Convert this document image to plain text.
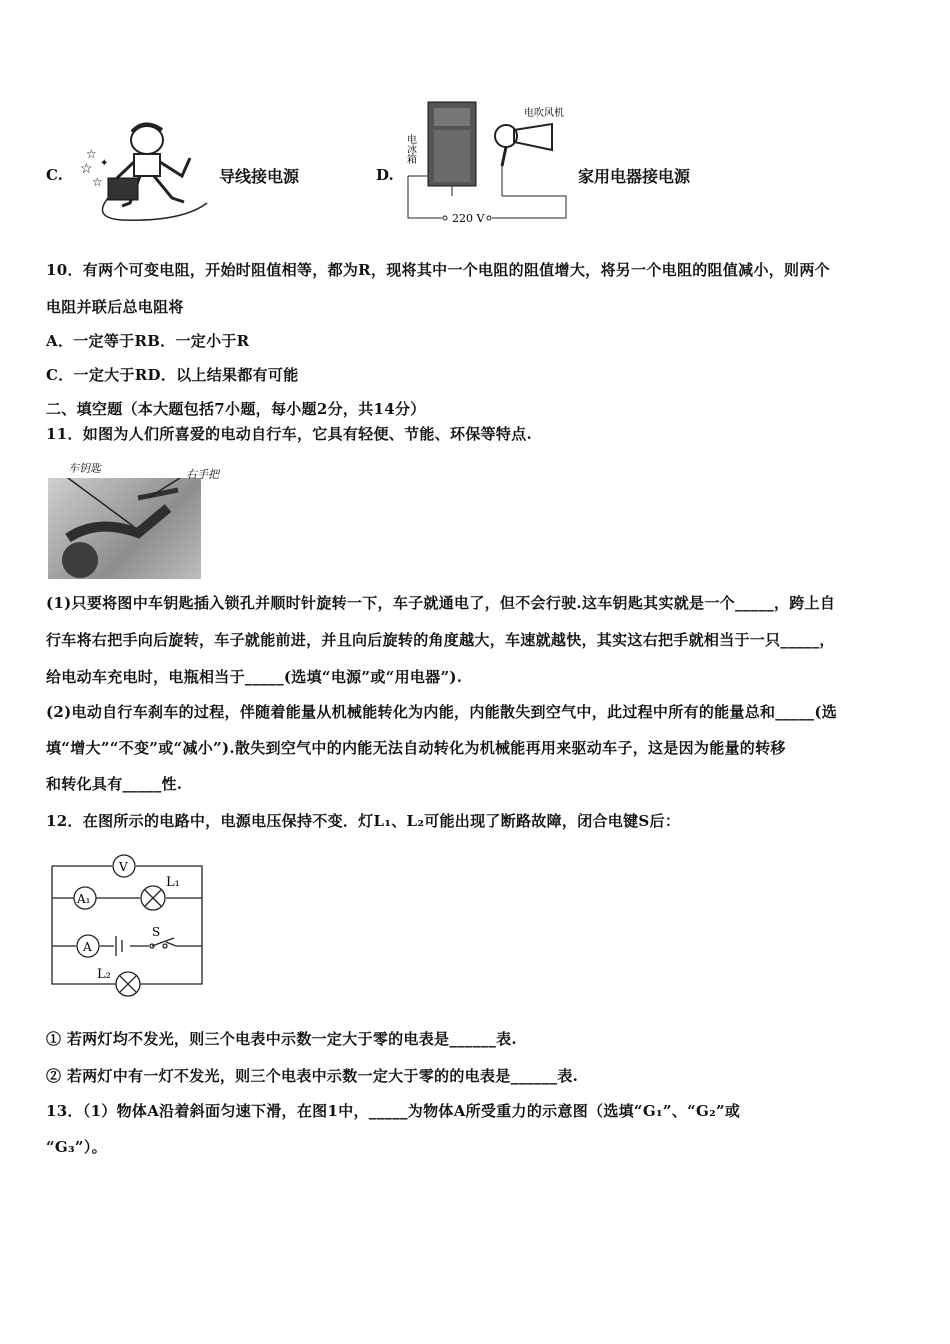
C. ☆
☆
☆
✦
导线接电源	D.
电冰箱
电吹风机
220 V
家用电器接电源
10．有两个可变电阻，开始时阻值相等，都为R，现将其中一个电阻的阻值增大，将另一个电阻的阻值减小，则两个
电阻并联后总电阻将
A．一定等于RB．一定小于R
C．一定大于RD．以上结果都有可能
二、填空题（本大题包括7小题，每小题2分，共14分）
11．如图为人们所喜爱的电动自行车，它具有轻便、节能、环保等特点.
车钥匙	右手把
(1)只要将图中车钥匙插入锁孔并顺时针旋转一下，车子就通电了，但不会行驶.这车钥匙其实就是一个_____，跨上自
行车将右把手向后旋转，车子就能前进，并且向后旋转的角度越大，车速就越快，其实这右把手就相当于一只_____，
给电动车充电时，电瓶相当于_____(选填“电源”或“用电器”).
(2)电动自行车刹车的过程，伴随着能量从机械能转化为内能，内能散失到空气中，此过程中所有的能量总和_____(选
填“增大”“不变”或“减小”).散失到空气中的内能无法自动转化为机械能再用来驱动车子，这是因为能量的转移
和转化具有_____性.
12．在图所示的电路中，电源电压保持不变．灯L₁、L₂可能出现了断路故障，闭合电键S后：
V
A₁
A
L₁
L₂
S
① 若两灯均不发光，则三个电表中示数一定大于零的电表是______表.
② 若两灯中有一灯不发光，则三个电表中示数一定大于零的的电表是______表.
13．（1）物体A沿着斜面匀速下滑，在图1中，_____为物体A所受重力的示意图（选填“G₁”、“G₂”或
“G₃”）。
